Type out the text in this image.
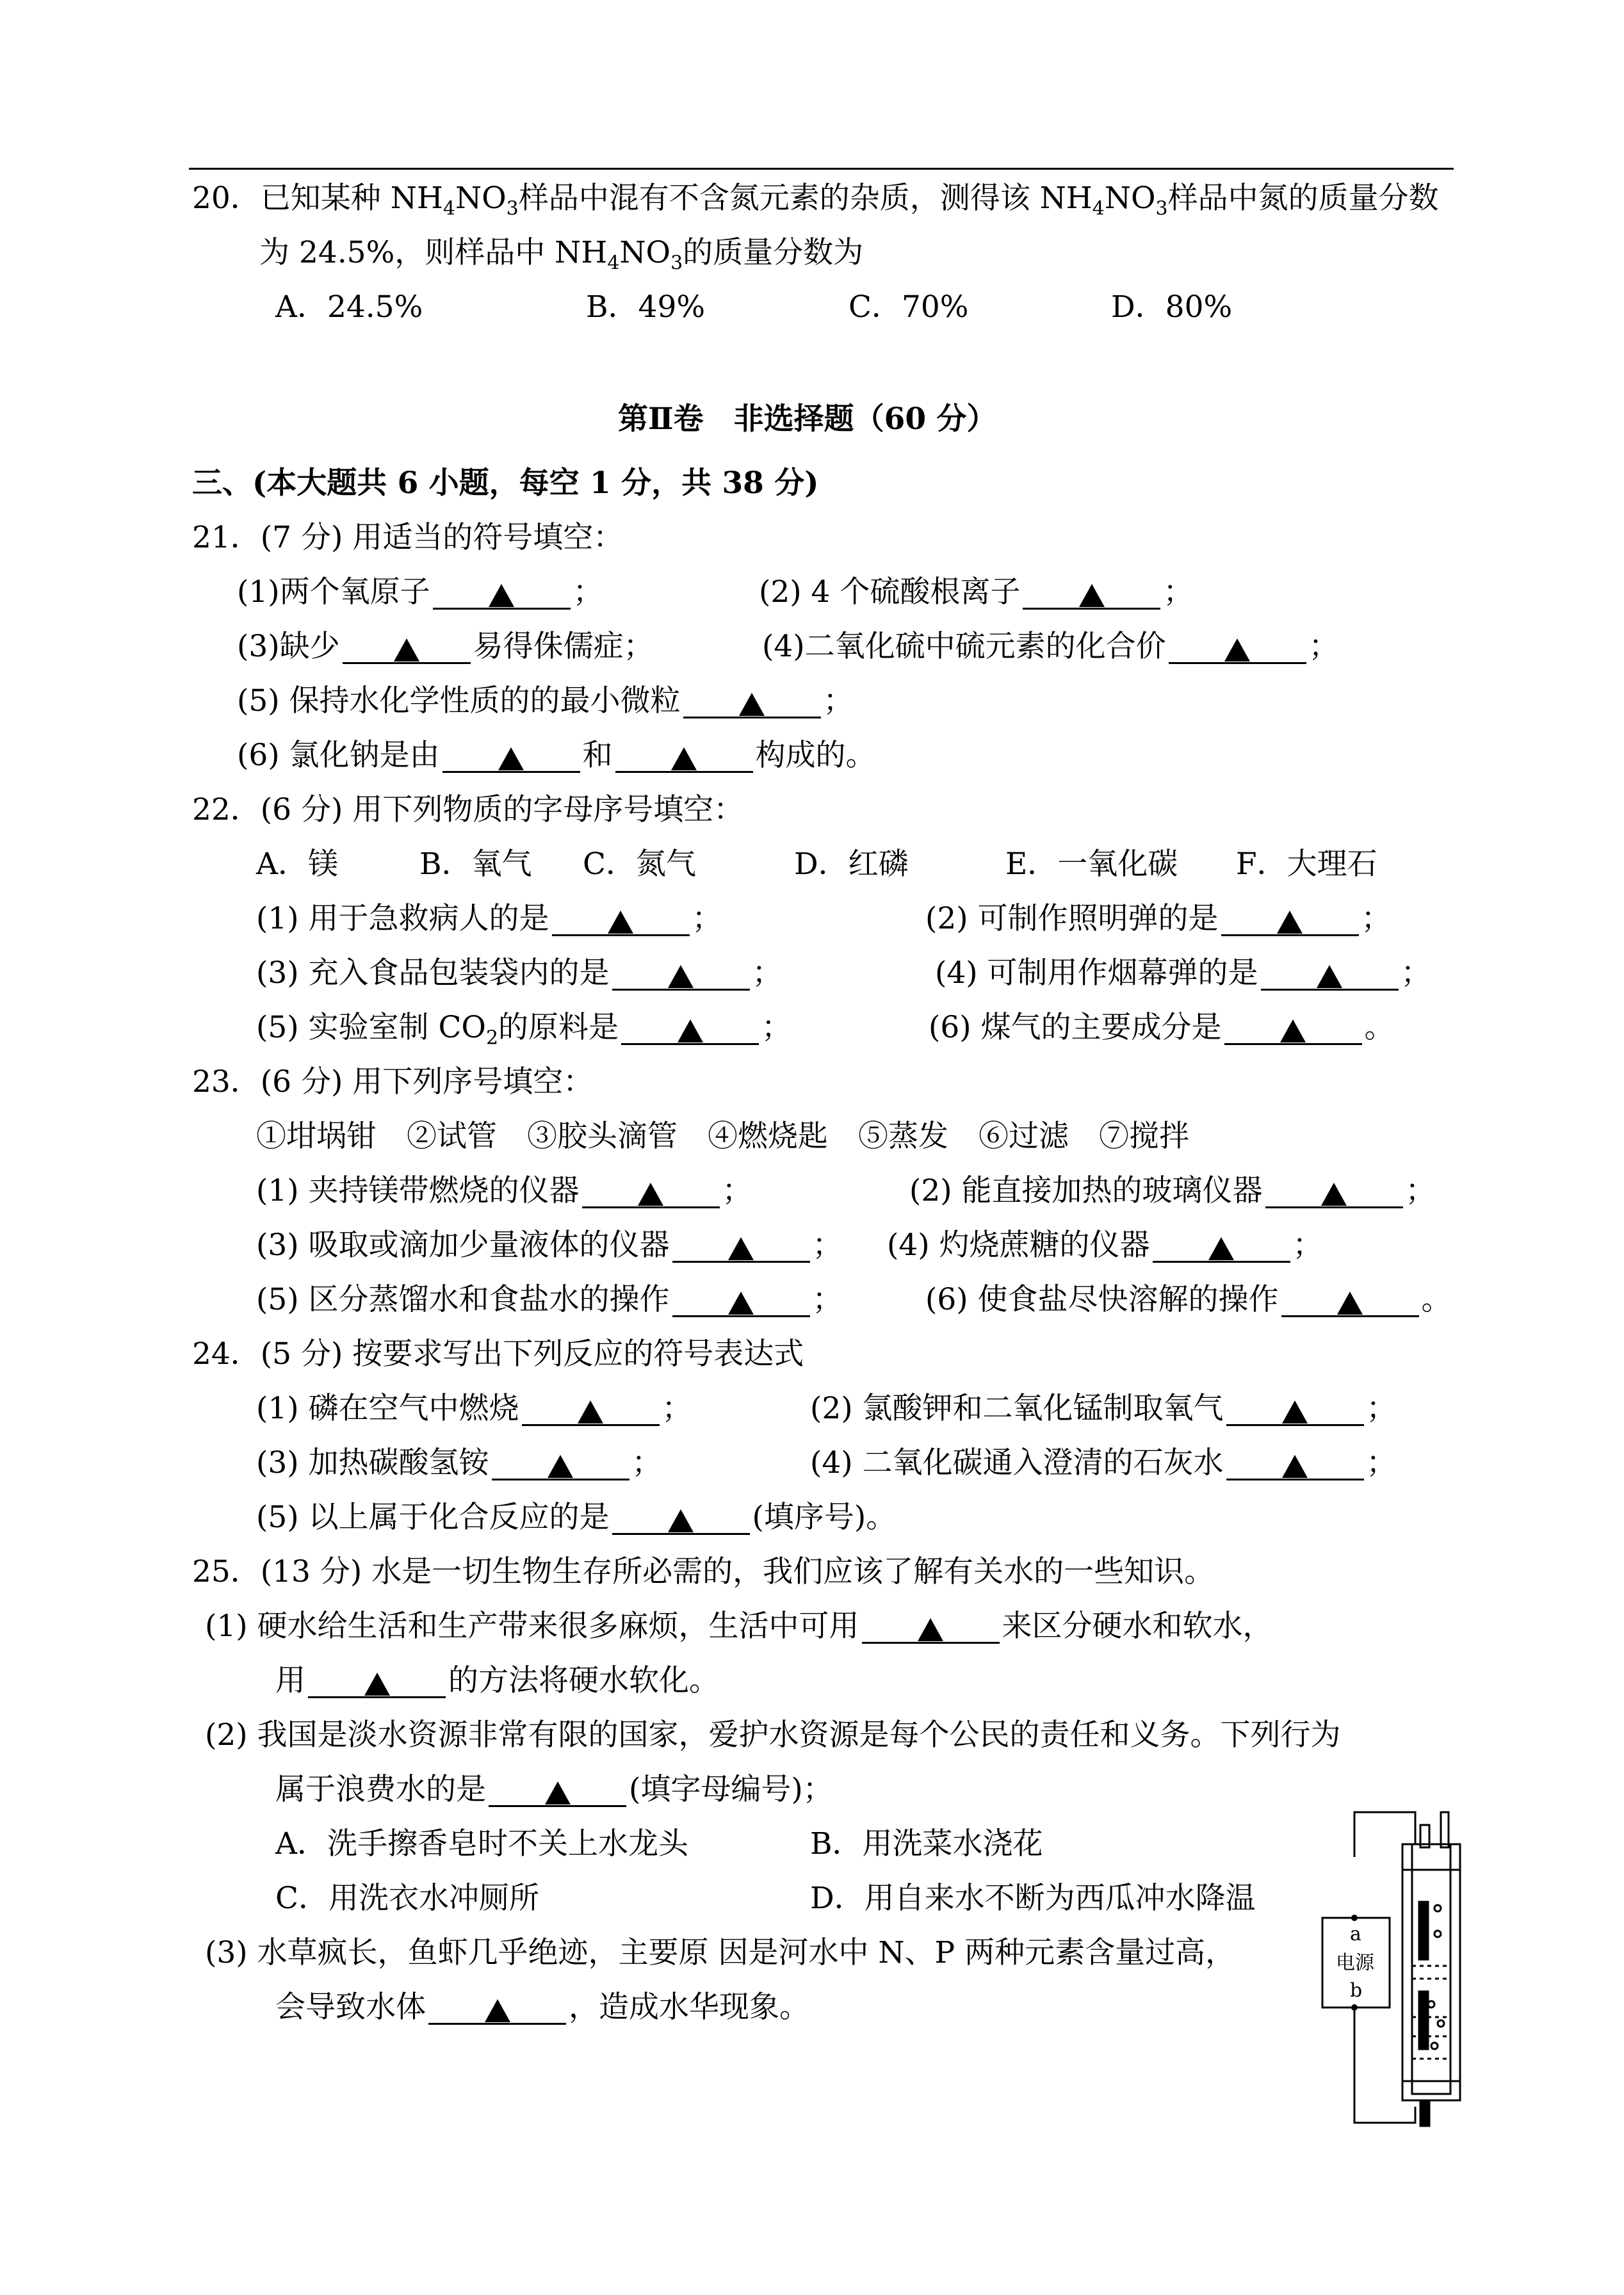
20．已知某种 $NH_4NO_3$样品中混有不含氮元素的杂质，测得该 $NH_4NO_3$样品中氮的质量分数
为 24.5%，则样品中 $NH_4NO_3$的质量分数为
A．24.5%	B．49%	C．70%	D．80%
第Ⅱ卷　非选择题（60 分）
三、(本大题共 6 小题，每空 1 分，共 38 分)
21．(7 分) 用适当的符号填空：
(1)两个氧原子	；	(2) 4 个硫酸根离子	；
(3)缺少	易得侏儒症；	(4)二氧化硫中硫元素的化合价	；
(5) 保持水化学性质的的最小微粒	；
(6) 氯化钠是由	和	构成的。
22．(6 分) 用下列物质的字母序号填空：
A．镁	B．氧气 C．氮气	D．红磷	E．一氧化碳 F．大理石
(1) 用于急救病人的是	；	(2) 可制作照明弹的是	；
(3) 充入食品包装袋内的是	；	(4) 可制用作烟幕弹的是	；
(5) 实验室制 $CO_2$的原料是	；	(6) 煤气的主要成分是	。
23．(6 分) 用下列序号填空：
①坩埚钳　②试管　③胶头滴管　④燃烧匙　⑤蒸发　⑥过滤　⑦搅拌
(1) 夹持镁带燃烧的仪器	；	(2) 能直接加热的玻璃仪器	；
(3) 吸取或滴加少量液体的仪器	； (4) 灼烧蔗糖的仪器	；
(5) 区分蒸馏水和食盐水的操作	；	(6) 使食盐尽快溶解的操作	。
24．(5 分) 按要求写出下列反应的符号表达式
(1) 磷在空气中燃烧	；	(2) 氯酸钾和二氧化锰制取氧气	；
(3) 加热碳酸氢铵	；	(4) 二氧化碳通入澄清的石灰水	；
(5) 以上属于化合反应的是	(填序号)。
25．(13 分) 水是一切生物生存所必需的，我们应该了解有关水的一些知识。
(1) 硬水给生活和生产带来很多麻烦，生活中可用	来区分硬水和软水，
用	的方法将硬水软化。
(2) 我国是淡水资源非常有限的国家，爱护水资源是每个公民的责任和义务。下列行为
属于浪费水的是	(填字母编号)；
A．洗手擦香皂时不关上水龙头	B．用洗菜水浇花
C．用洗衣水冲厕所	D．用自来水不断为西瓜冲水降温
(3) 水草疯长，鱼虾几乎绝迹，主要原 因是河水中 N、P 两种元素含量过高，
会导致水体	，造成水华现象。
a
电源
b
